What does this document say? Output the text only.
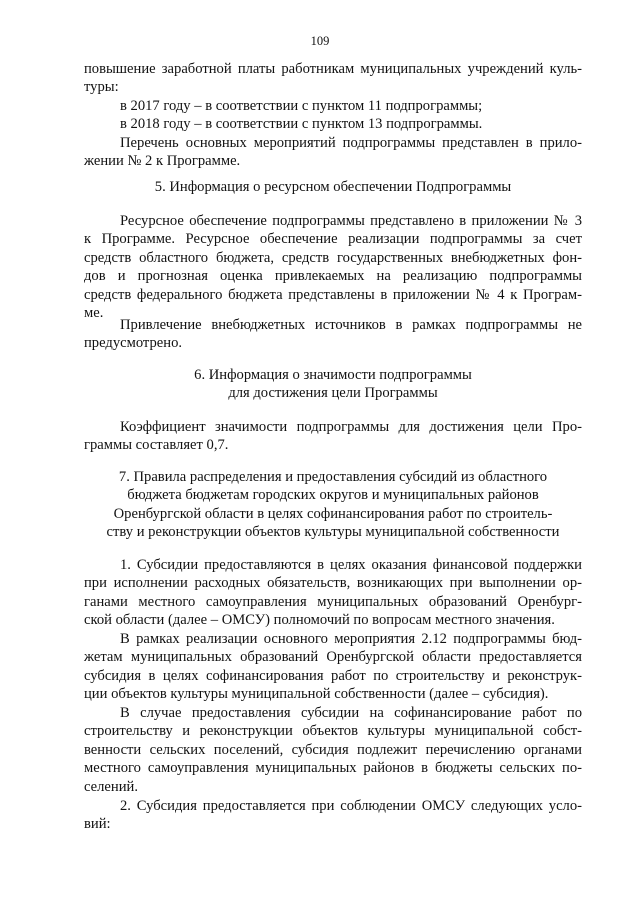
109
повышение заработной платы работникам муниципальных учреждений куль-
туры:
в 2017 году – в соответствии с пунктом 11 подпрограммы;
в 2018 году – в соответствии с пунктом 13 подпрограммы.
Перечень основных мероприятий подпрограммы представлен в прило-
жении № 2 к Программе.
5. Информация о ресурсном обеспечении Подпрограммы
Ресурсное обеспечение подпрограммы представлено в приложении № 3
к Программе. Ресурсное обеспечение реализации подпрограммы за счет
средств областного бюджета, средств государственных внебюджетных фон-
дов и прогнозная оценка привлекаемых на реализацию подпрограммы
средств федерального бюджета представлены в приложении № 4 к Програм-
ме.
Привлечение внебюджетных источников в рамках подпрограммы не
предусмотрено.
6. Информация о значимости подпрограммы
для достижения цели Программы
Коэффициент значимости подпрограммы для достижения цели Про-
граммы составляет 0,7.
7. Правила распределения и предоставления субсидий из областного
бюджета бюджетам городских округов и муниципальных районов
Оренбургской области в целях софинансирования работ по строитель-
ству и реконструкции объектов культуры муниципальной собственности
1. Субсидии предоставляются в целях оказания финансовой поддержки
при исполнении расходных обязательств, возникающих при выполнении ор-
ганами местного самоуправления муниципальных образований Оренбург-
ской области (далее – ОМСУ) полномочий по вопросам местного значения.
В рамках реализации основного мероприятия 2.12 подпрограммы бюд-
жетам муниципальных образований Оренбургской области предоставляется
субсидия в целях софинансирования работ по строительству и реконструк-
ции объектов культуры муниципальной собственности (далее – субсидия).
В случае предоставления субсидии на софинансирование работ по
строительству и реконструкции объектов культуры муниципальной собст-
венности сельских поселений, субсидия подлежит перечислению органами
местного самоуправления муниципальных районов в бюджеты сельских по-
селений.
2. Субсидия предоставляется при соблюдении ОМСУ следующих усло-
вий:
